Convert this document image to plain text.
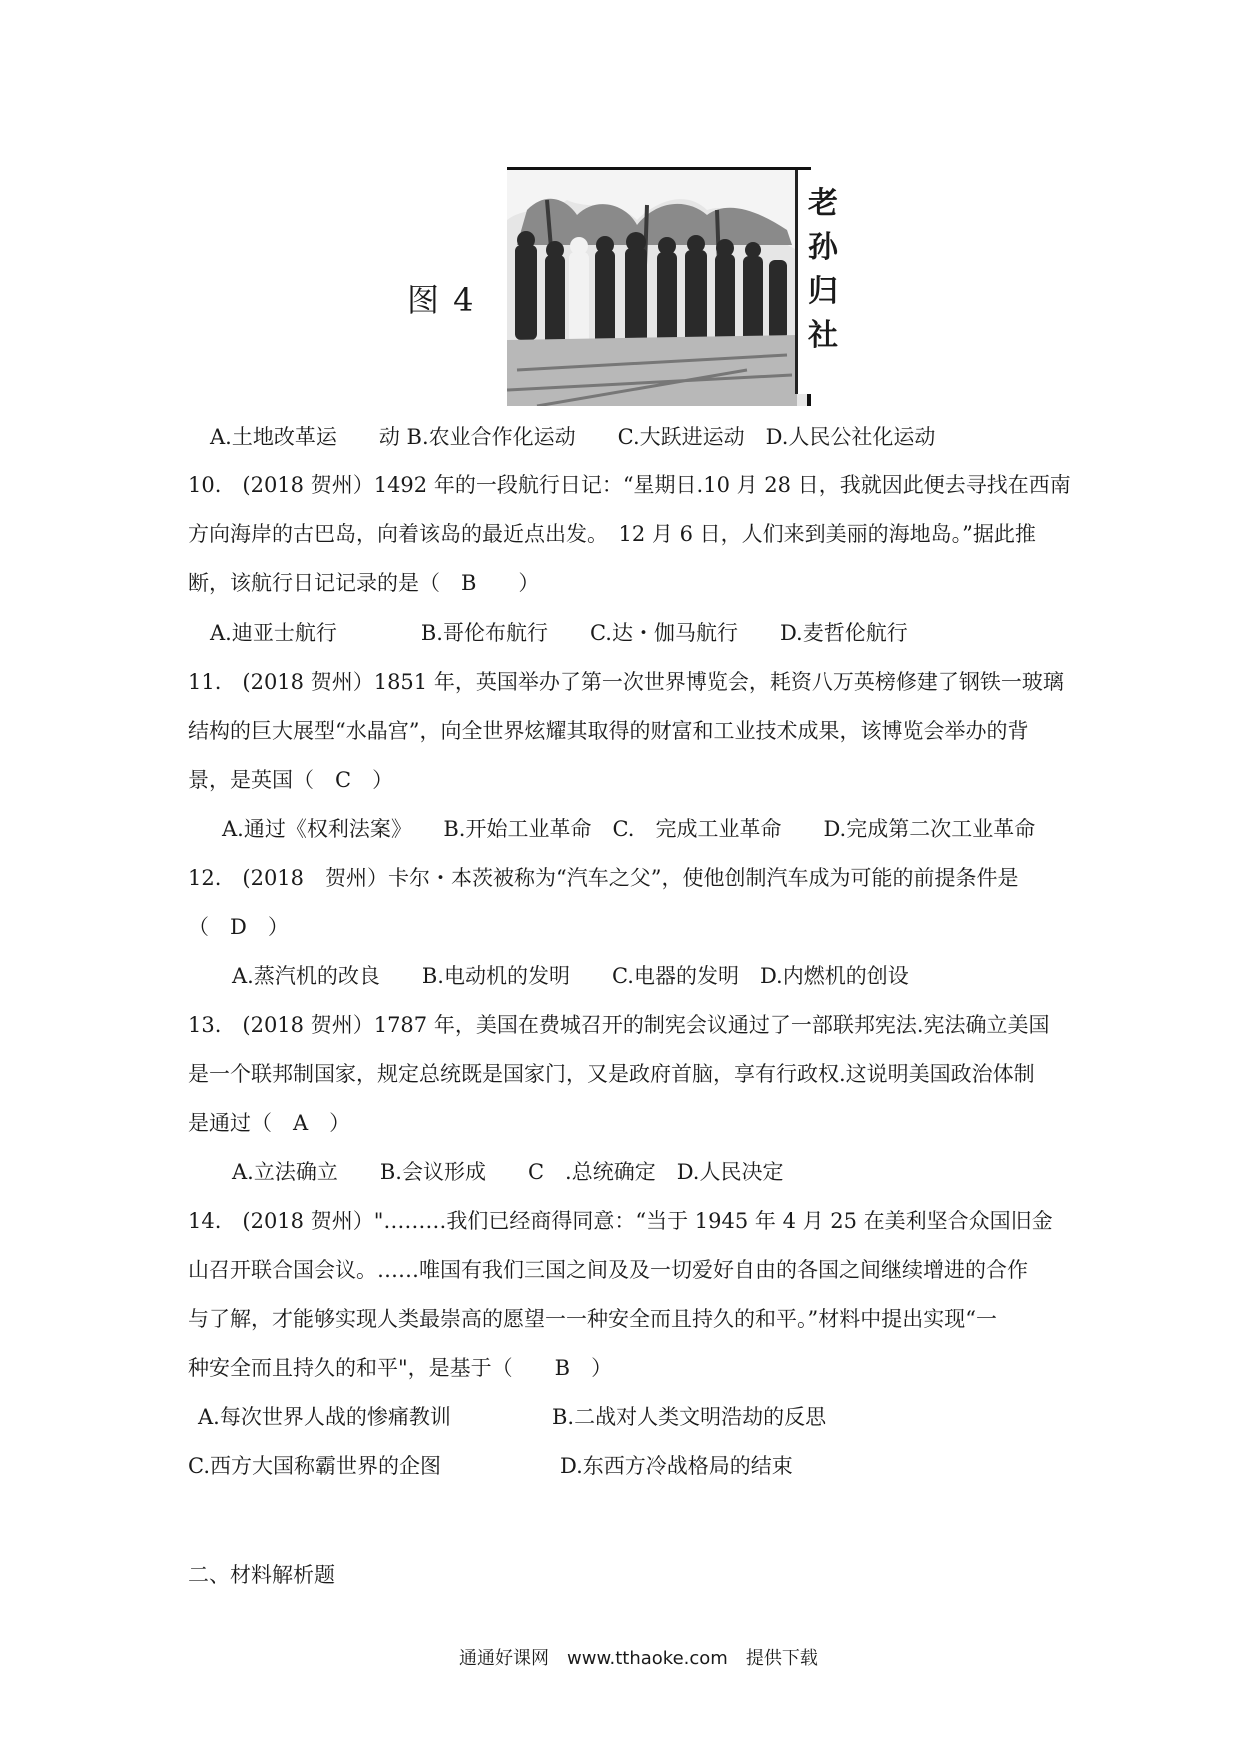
图 4
老
孙
归
社
A.土地改革运　　动 B.农业合作化运动　　C.大跃进运动　D.人民公社化运动
10.　(2018 贺州）1492 年的一段航行日记：“星期日.10 月 28 日，我就因此便去寻找在西南
方向海岸的古巴岛，向着该岛的最近点出发。　12 月 6 日，人们来到美丽的海地岛。”据此推
断，该航行日记记录的是（　B　　）
A.迪亚士航行　　　　B.哥伦布航行　　C.达・伽马航行　　D.麦哲伦航行
11.　(2018 贺州）1851 年，英国举办了第一次世界博览会，耗资八万英榜修建了钢铁一玻璃
结构的巨大展型“水晶宫”，向全世界炫耀其取得的财富和工业技术成果，该博览会举办的背
景，是英国（　C　）
A.通过《权利法案》　　B.开始工业革命　C.　完成工业革命　　D.完成第二次工业革命
12.　(2018　贺州）卡尔・本茨被称为“汽车之父”，使他创制汽车成为可能的前提条件是
（　D　）
A.蒸汽机的改良　　B.电动机的发明　　C.电器的发明　D.内燃机的创设
13.　(2018 贺州）1787 年，美国在费城召开的制宪会议通过了一部联邦宪法.宪法确立美国
是一个联邦制国家，规定总统既是国家门，又是政府首脑，享有行政权.这说明美国政治体制
是通过（　A　）
A.立法确立　　B.会议形成　　C　.总统确定　D.人民决定
14.　(2018 贺州）"………我们已经商得同意：“当于 1945 年 4 月 25 在美利坚合众国旧金
山召开联合国会议。……唯国有我们三国之间及及一切爱好自由的各国之间继续增进的合作
与了解，才能够实现人类最崇高的愿望一一种安全而且持久的和平。”材料中提出实现“一
种安全而且持久的和平"，是基于（　　B　）
A.每次世界人战的惨痛教训	B.二战对人类文明浩劫的反思
C.西方大国称霸世界的企图	D.东西方冷战格局的结束
二、材料解析题
通通好课网　www.tthaoke.com　提供下载
